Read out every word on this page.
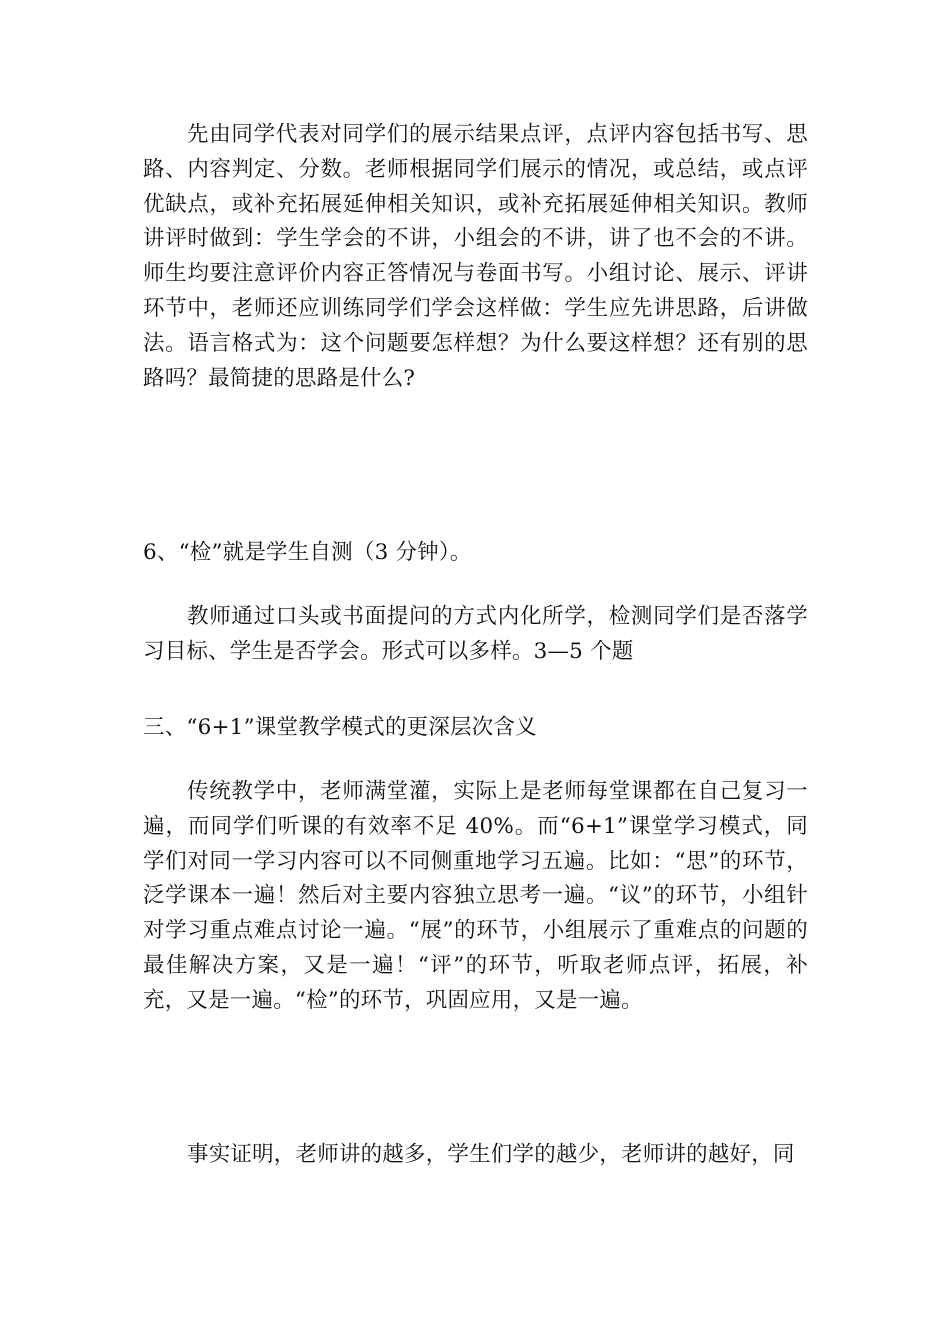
先由同学代表对同学们的展示结果点评，点评内容包括书写、思路、内容判定、分数。老师根据同学们展示的情况，或总结，或点评优缺点，或补充拓展延伸相关知识，或补充拓展延伸相关知识。教师讲评时做到：学生学会的不讲，小组会的不讲，讲了也不会的不讲。师生均要注意评价内容正答情况与卷面书写。小组讨论、展示、评讲环节中，老师还应训练同学们学会这样做：学生应先讲思路，后讲做法。语言格式为：这个问题要怎样想？为什么要这样想？还有别的思路吗？最简捷的思路是什么?

6、“检”就是学生自测（3 分钟）。

教师通过口头或书面提问的方式内化所学，检测同学们是否落学习目标、学生是否学会。形式可以多样。3—5 个题

三、“6+1”课堂教学模式的更深层次含义

传统教学中，老师满堂灌，实际上是老师每堂课都在自己复习一遍，而同学们听课的有效率不足 40%。而“6+1”课堂学习模式，同学们对同一学习内容可以不同侧重地学习五遍。比如：“思”的环节，泛学课本一遍！然后对主要内容独立思考一遍。“议”的环节，小组针对学习重点难点讨论一遍。“展”的环节，小组展示了重难点的问题的最佳解决方案，又是一遍！“评”的环节，听取老师点评，拓展，补充，又是一遍。“检”的环节，巩固应用，又是一遍。

事实证明，老师讲的越多，学生们学的越少，老师讲的越好，同
